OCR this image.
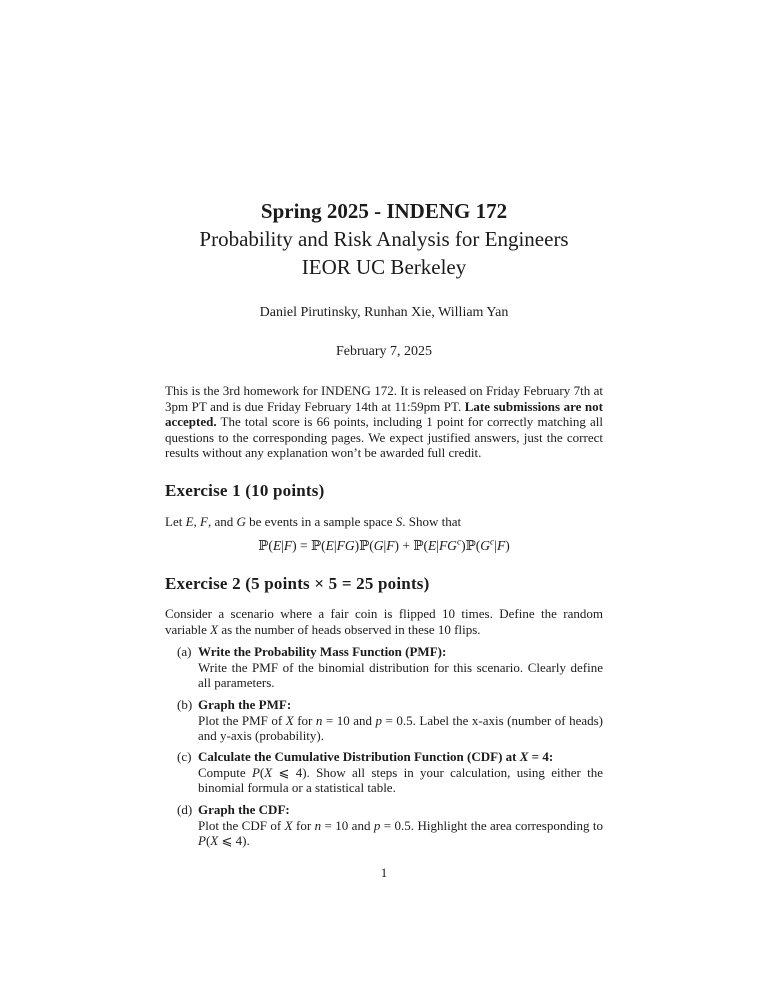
Spring 2025 - INDENG 172
Probability and Risk Analysis for Engineers
IEOR UC Berkeley
Daniel Pirutinsky, Runhan Xie, William Yan
February 7, 2025
This is the 3rd homework for INDENG 172. It is released on Friday February 7th at 3pm PT and is due Friday February 14th at 11:59pm PT. Late submissions are not accepted. The total score is 66 points, including 1 point for correctly matching all questions to the corresponding pages. We expect justified answers, just the correct results without any explanation won’t be awarded full credit.
Exercise 1 (10 points)
Let E, F, and G be events in a sample space S. Show that
ℙ(E|F) = ℙ(E|FG)ℙ(G|F) + $ℙ(E|FG^c)ℙ(G^c|F)$
Exercise 2 (5 points × 5 = 25 points)
Consider a scenario where a fair coin is flipped 10 times. Define the random variable X as the number of heads observed in these 10 flips.
(a) Write the Probability Mass Function (PMF):
Write the PMF of the binomial distribution for this scenario. Clearly define all parameters.
(b) Graph the PMF:
Plot the PMF of X for n = 10 and p = 0.5. Label the x-axis (number of heads) and y-axis (probability).
(c) Calculate the Cumulative Distribution Function (CDF) at X = 4:
Compute P(X ⩽ 4). Show all steps in your calculation, using either the binomial formula or a statistical table.
(d) Graph the CDF:
Plot the CDF of X for n = 10 and p = 0.5. Highlight the area corresponding to P(X ⩽ 4).
1
